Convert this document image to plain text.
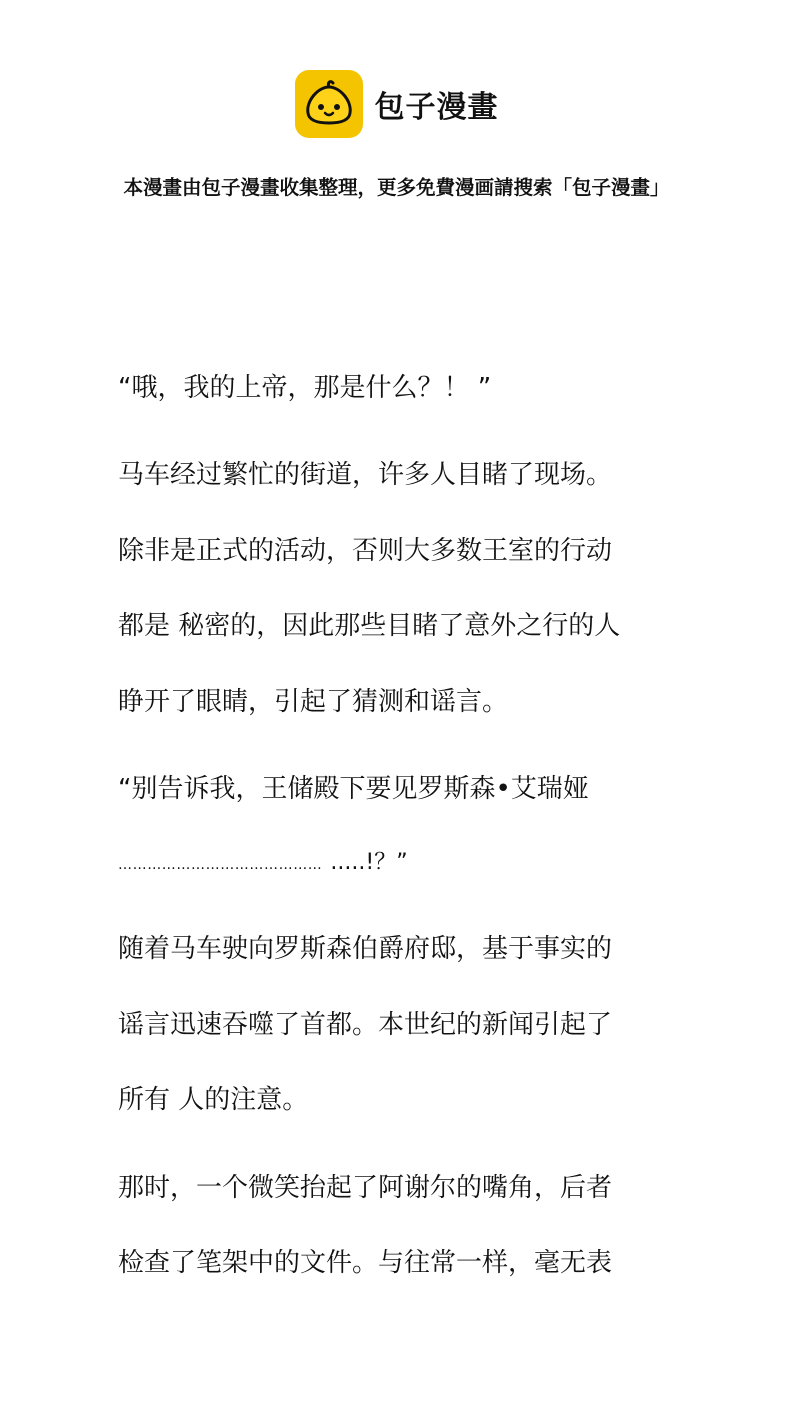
包子漫畫
本漫畫由包子漫畫收集整理，更多免費漫画請搜索「包子漫畫」
“哦，我的上帝，那是什么？！ ”
马车经过繁忙的街道，许多人目睹了现场。
除非是正式的活动，否则大多数王室的行动
都是 秘密的，因此那些目睹了意外之行的人
睁开了眼睛，引起了猜测和谣言。
“别告诉我，王储殿下要见罗斯森•艾瑞娅
…………………………………… .....!？”
随着马车驶向罗斯森伯爵府邸，基于事实的
谣言迅速吞噬了首都。本世纪的新闻引起了
所有 人的注意。
那时，一个微笑抬起了阿谢尔的嘴角，后者
检查了笔架中的文件。与往常一样，毫无表
